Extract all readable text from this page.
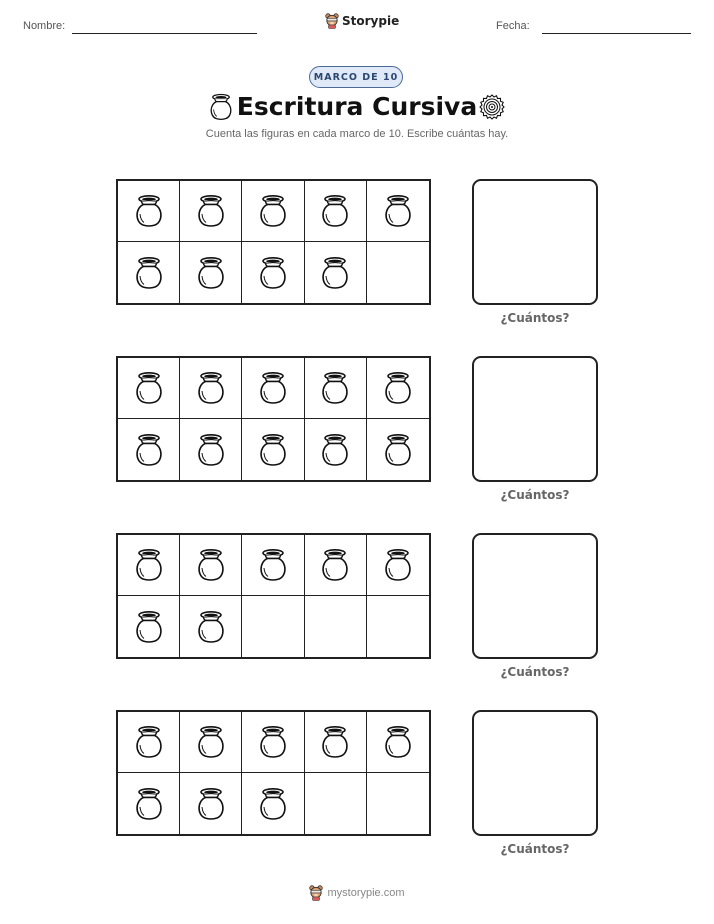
Nombre:	Storypie	Fecha:
MARCO DE 10
Escritura Cursiva
Cuenta las figuras en cada marco de 10. Escribe cuántas hay.
¿Cuántos?
¿Cuántos?
¿Cuántos?
¿Cuántos?
mystorypie.com
